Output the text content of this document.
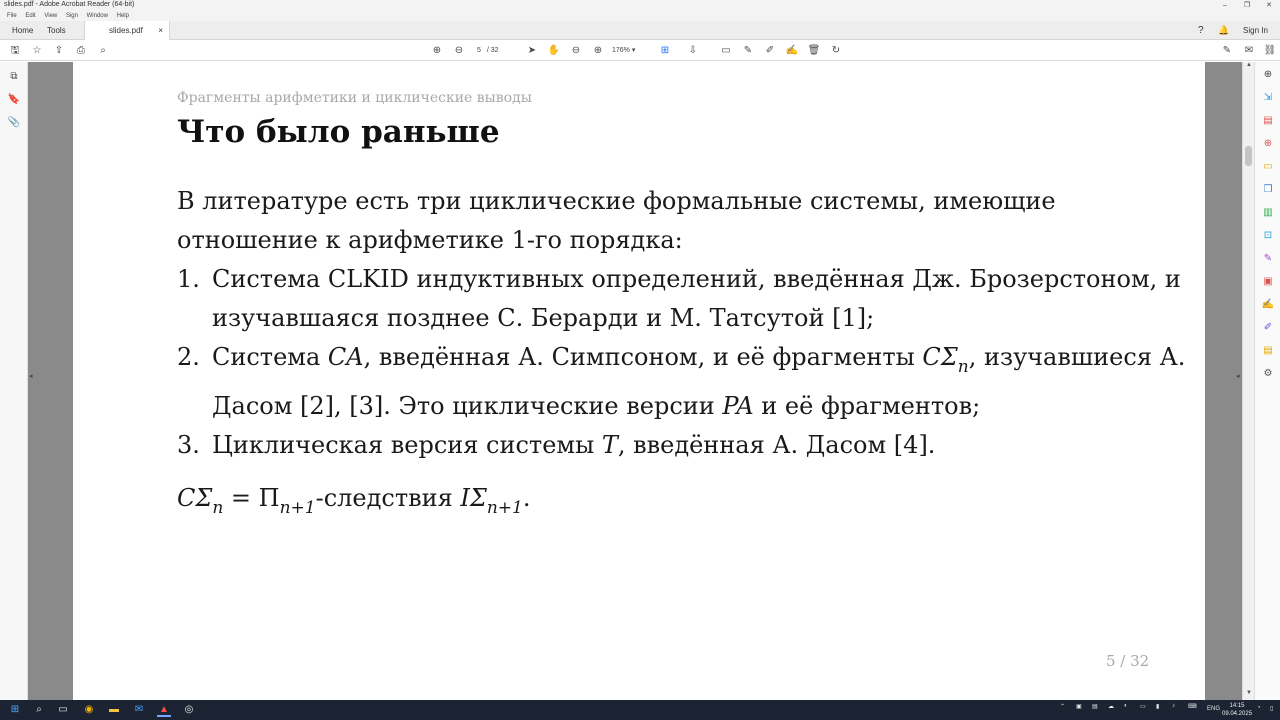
slides.pdf - Adobe Acrobat Reader (64-bit)	–	❐	✕
File Edit View Sign Window Help
Home	Tools	slides.pdf ×	? 🔔 Sign In
🖫 ☆ ⇪	⎙	⌕	⊕ ⊖	5 / 32	➤ ✋ ⊖ ⊕	176% ▾	⊞ ⇩ ▭ ✎ ✐ ✍ 🗑 ↻	✎ ✉ ⛓
⧉
🔖
📎
◂
Фрагменты арифметики и циклические выводы
Что было раньше

В литературе есть три циклические формальные системы, имеющие отношение к арифметике 1-го порядка:

1. Система CLKID индуктивных определений, введённая Дж. Брозерстоном, и изучавшаяся позднее С. Берарди и М. Татсутой [1];
2. Система CA, введённая А. Симпсоном, и её фрагменты $C\Sigma_n$, изучавшиеся А. Дасом [2], [3]. Это циклические версии PA и её фрагментов;
3. Циклическая версия системы T, введённая А. Дасом [4].

$C\Sigma_n$ = $\Pi_{n+1}$-следствия $I\Sigma_{n+1}$.

5 / 32
◂
▲
▼
⊕
⇲
▤
⊕
▭
❐
▥
⊡
✎
▣
✍
✐
▤
⚙
⊞	⌕	▭ ◉ ▬ ✉ ▲ ◎	⌃ ▣ ▤ ☁ ◐ ▭ ▮ ♪ ⌨ ENG	14:15
09.04.2025
◔ ▯
